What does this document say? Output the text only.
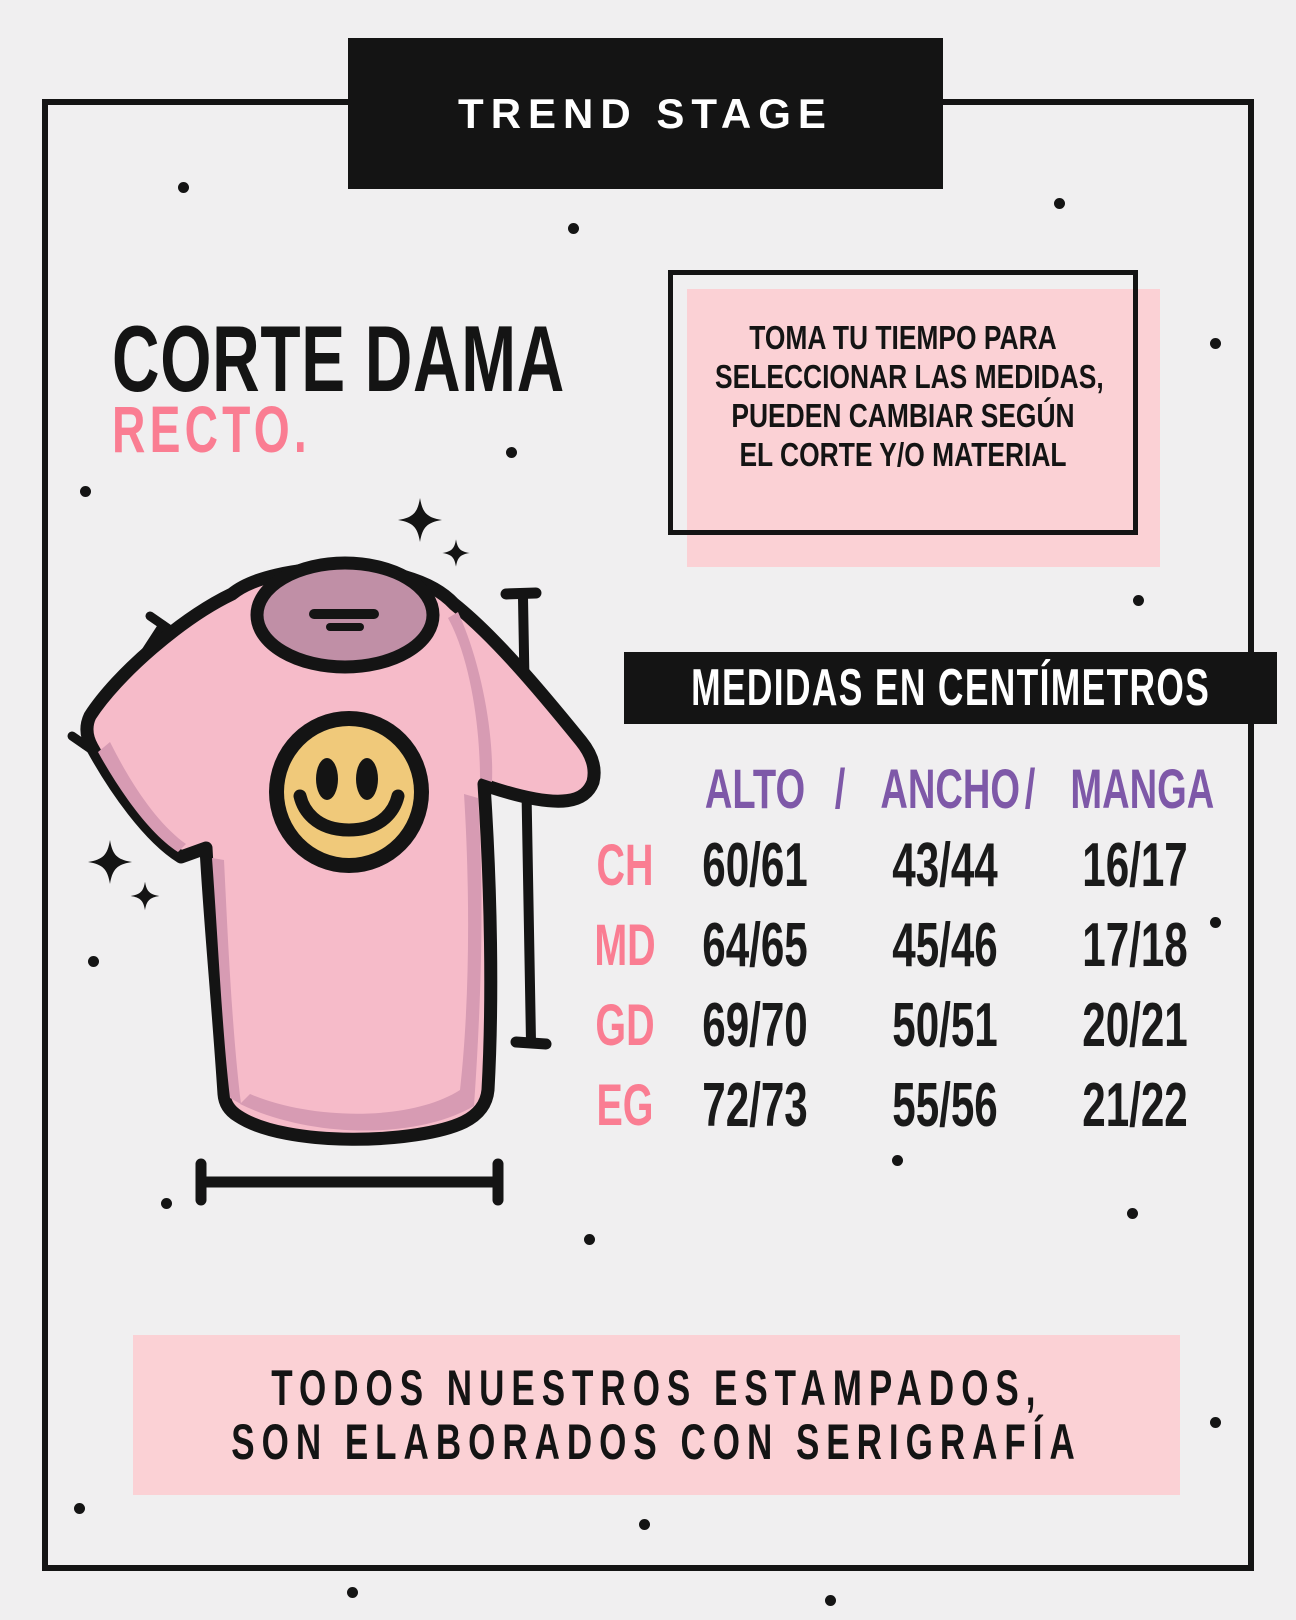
TREND STAGE
CORTE DAMA
RECTO.
TOMA TU TIEMPO PARA
SELECCIONAR LAS MEDIDAS,
PUEDEN CAMBIAR SEGÚN
EL CORTE Y/O MATERIAL
MEDIDAS EN CENTÍMETROS
ALTO / ANCHO / MANGA
CH 60/61 43/44 16/17
MD 64/65 45/46 17/18
GD 69/70 50/51 20/21
EG 72/73 55/56 21/22
TODOS NUESTROS ESTAMPADOS,
SON ELABORADOS CON SERIGRAFÍA
